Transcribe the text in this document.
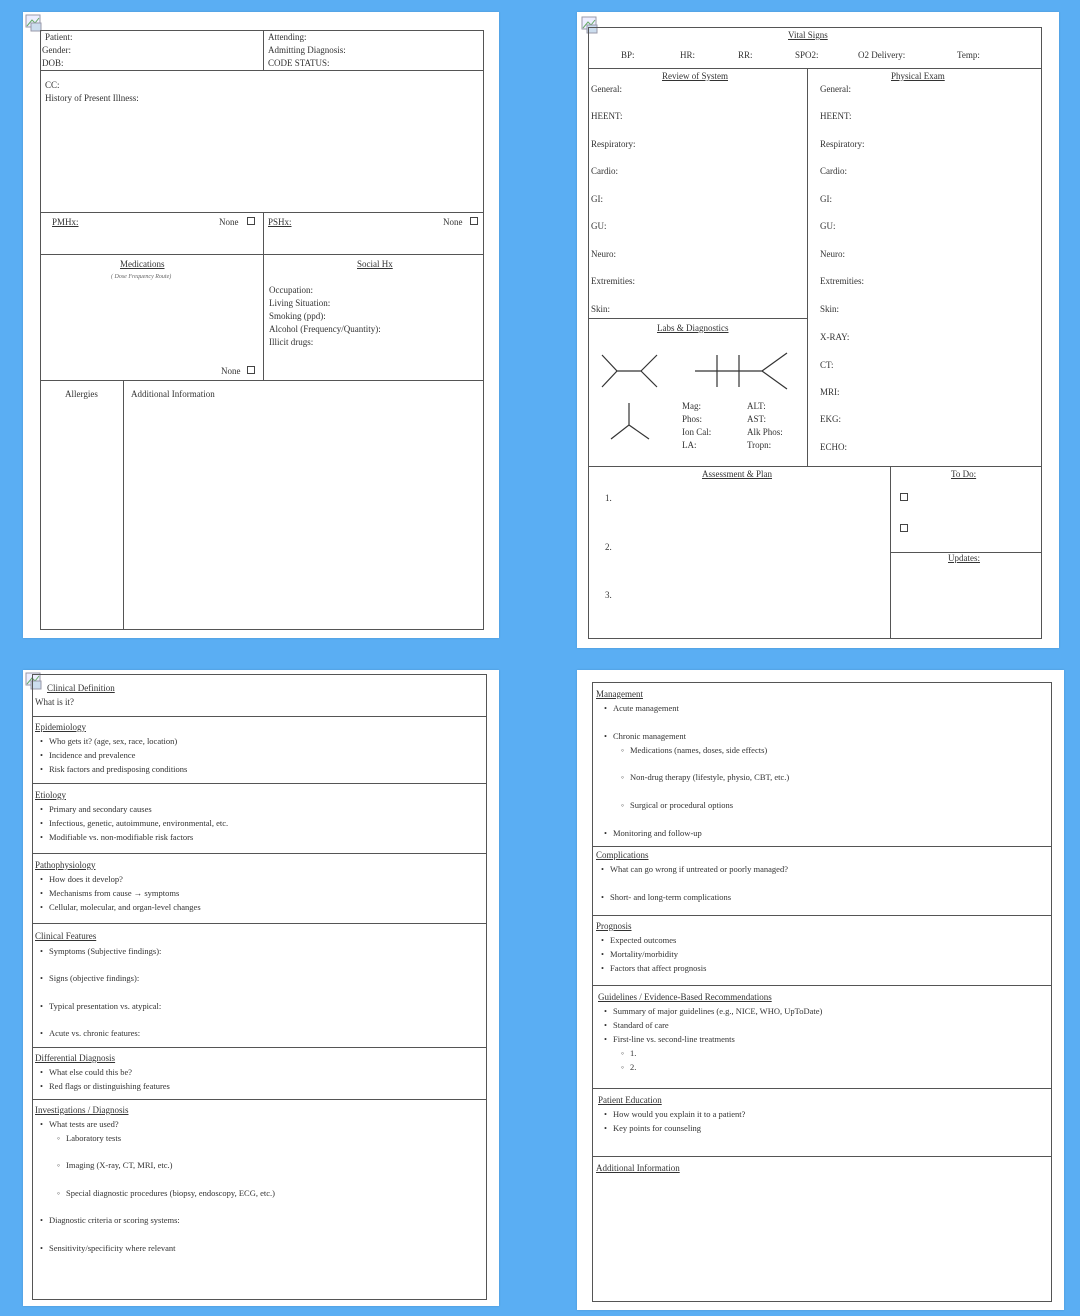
Patient:
Gender:
DOB:
Attending:
Admitting Diagnosis:
CODE STATUS:
CC:
History of Present Illness:
PMHx:	None	PSHx:	None
Medications
( Dose Frequency Route)
None
Social Hx
Occupation:
Living Situation:
Smoking (ppd):
Alcohol (Frequency/Quantity):
Illicit drugs:
Allergies	Additional Information
Vital Signs
BP:	HR:	RR:	SPO2:	O2 Delivery:	Temp:
Review of System	Physical Exam
General:
HEENT:
Respiratory:
Cardio:
GI:
GU:
Neuro:
Extremities:
Skin:
General:
HEENT:
Respiratory:
Cardio:
GI:
GU:
Neuro:
Extremities:
Skin:
Labs & Diagnostics
Mag:
Phos:
Ion Cal:
LA:
ALT:
AST:
Alk Phos:
Tropn:
X-RAY:
CT:
MRI:
EKG:
ECHO:
Assessment & Plan
1.
2.
3.
To Do:
Updates:
Clinical Definition
What is it?
Epidemiology
• Who gets it? (age, sex, race, location)
• Incidence and prevalence
• Risk factors and predisposing conditions
Etiology
• Primary and secondary causes
• Infectious, genetic, autoimmune, environmental, etc.
• Modifiable vs. non-modifiable risk factors
Pathophysiology
• How does it develop?
• Mechanisms from cause → symptoms
• Cellular, molecular, and organ-level changes
Clinical Features
• Symptoms (Subjective findings):
• Signs (objective findings):
• Typical presentation vs. atypical:
• Acute vs. chronic features:
Differential Diagnosis
• What else could this be?
• Red flags or distinguishing features
Investigations / Diagnosis
• What tests are used?
◦ Laboratory tests
◦ Imaging (X-ray, CT, MRI, etc.)
◦ Special diagnostic procedures (biopsy, endoscopy, ECG, etc.)
• Diagnostic criteria or scoring systems:
• Sensitivity/specificity where relevant
Management
• Acute management
• Chronic management
◦ Medications (names, doses, side effects)
◦ Non-drug therapy (lifestyle, physio, CBT, etc.)
◦ Surgical or procedural options
• Monitoring and follow-up
Complications
• What can go wrong if untreated or poorly managed?
• Short- and long-term complications
Prognosis
• Expected outcomes
• Mortality/morbidity
• Factors that affect prognosis
Guidelines / Evidence-Based Recommendations
• Summary of major guidelines (e.g., NICE, WHO, UpToDate)
• Standard of care
• First-line vs. second-line treatments
◦ 1.
◦ 2.
Patient Education
• How would you explain it to a patient?
• Key points for counseling
Additional Information
